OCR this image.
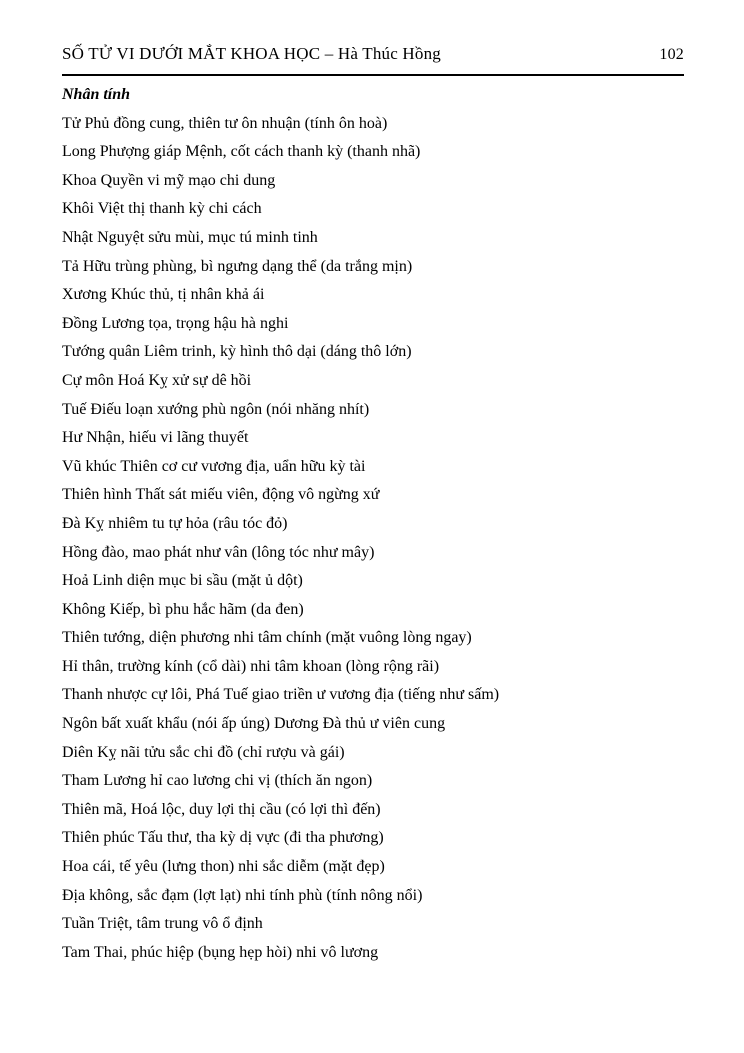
SỐ TỬ VI DƯỚI MẮT KHOA HỌC – Hà Thúc Hồng	102
Nhân tính
Tử Phủ đồng cung, thiên tư ôn nhuận (tính ôn hoà)
Long Phượng giáp Mệnh, cốt cách thanh kỳ (thanh nhã)
Khoa Quyền vi mỹ mạo chi dung
Khôi Việt thị thanh kỳ chi cách
Nhật Nguyệt sửu mùi, mục tú minh tinh
Tả Hữu trùng phùng, bì ngưng dạng thể (da trắng mịn)
Xương Khúc thủ, tị nhân khả ái
Đồng Lương tọa, trọng hậu hà nghi
Tướng quân Liêm trinh, kỳ hình thô dại (dáng thô lớn)
Cự môn Hoá Kỵ xử sự dê hồi
Tuế Điếu loạn xướng phù ngôn (nói nhăng nhít)
Hư Nhận, hiếu vi lãng thuyết
Vũ khúc Thiên cơ cư vương địa, uẩn hữu kỳ tài
Thiên hình Thất sát miếu viên, động vô ngừng xứ
Đà Kỵ nhiêm tu tự hỏa (râu tóc đỏ)
Hồng đào, mao phát như vân (lông tóc như mây)
Hoả Linh diện mục bi sầu (mặt ủ dột)
Không Kiếp, bì phu hắc hãm (da đen)
Thiên tướng, diện phương nhi tâm chính (mặt vuông lòng ngay)
Hỉ thân, trường kính (cổ dài) nhi tâm khoan (lòng rộng rãi)
Thanh nhược cự lôi, Phá Tuế giao triền ư vương địa (tiếng như sấm)
Ngôn bất xuất khẩu (nói ấp úng) Dương Đà thủ ư viên cung
Diên Kỵ nãi tửu sắc chi đồ (chỉ rượu và gái)
Tham Lương hỉ cao lương chi vị (thích ăn ngon)
Thiên mã, Hoá lộc, duy lợi thị cầu (có lợi thì đến)
Thiên phúc Tấu thư, tha kỳ dị vực (đi tha phương)
Hoa cái, tế yêu (lưng thon) nhi sắc diễm (mặt đẹp)
Địa không, sắc đạm (lợt lạt) nhi tính phù (tính nông nổi)
Tuần Triệt, tâm trung vô ổ định
Tam Thai, phúc hiệp (bụng hẹp hòi) nhi vô lương
